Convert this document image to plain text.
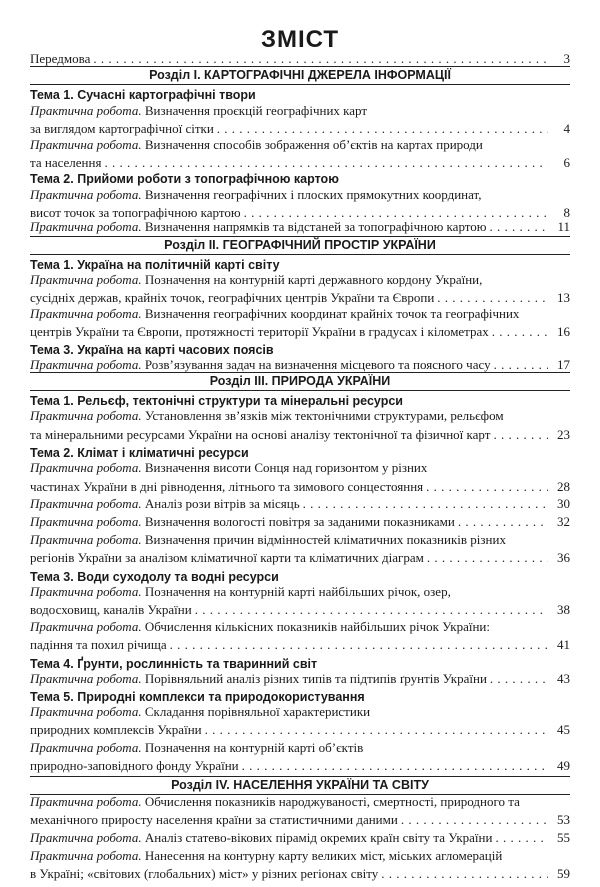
ЗМІСТ
Передмова . . .	3
Розділ І. КАРТОГРАФІЧНІ ДЖЕРЕЛА ІНФОРМАЦІЇ
Тема 1. Сучасні картографічні твори
Практична робота. Визначення проєкцій географічних карт
за виглядом картографічної сітки . . .	4
Практична робота. Визначення способів зображення об’єктів на картах природи
та населення . . .	6
Тема 2. Прийоми роботи з топографічною картою
Практична робота. Визначення географічних і плоских прямокутних координат,
висот точок за топографічною картою . . .	8
Практична робота. Визначення напрямків та відстаней за топографічною картою . . .	11
Розділ ІІ. ГЕОГРАФІЧНИЙ ПРОСТІР УКРАЇНИ
Тема 1. Україна на політичній карті світу
Практична робота. Позначення на контурній карті державного кордону України,
сусідніх держав, крайніх точок, географічних центрів України та Європи . . .	13
Практична робота. Визначення географічних координат крайніх точок та географічних
центрів України та Європи, протяжності території України в градусах і кілометрах . . .	16
Тема 3. Україна на карті часових поясів
Практична робота. Розв’язування задач на визначення місцевого та поясного часу . . .	17
Розділ ІІІ. ПРИРОДА УКРАЇНИ
Тема 1. Рельєф, тектонічні структури та мінеральні ресурси
Практична робота. Установлення зв’язків між тектонічними структурами, рельєфом
та мінеральними ресурсами України на основі аналізу тектонічної та фізичної карт . . .	23
Тема 2. Клімат і кліматичні ресурси
Практична робота. Визначення висоти Сонця над горизонтом у різних
частинах України в дні рівнодення, літнього та зимового сонцестояння . . .	28
Практична робота. Аналіз рози вітрів за місяць . . .	30
Практична робота. Визначення вологості повітря за заданими показниками . . .	32
Практична робота. Визначення причин відмінностей кліматичних показників різних
регіонів України за аналізом кліматичної карти та кліматичних діаграм . . .	36
Тема 3. Води суходолу та водні ресурси
Практична робота. Позначення на контурній карті найбільших річок, озер,
водосховищ, каналів України . . .	38
Практична робота. Обчислення кількісних показників найбільших річок України:
падіння та похил річища . . .	41
Тема 4. Ґрунти, рослинність та тваринний світ
Практична робота. Порівняльний аналіз різних типів та підтипів ґрунтів України . . .	43
Тема 5. Природні комплекси та природокористування
Практична робота. Складання порівняльної характеристики
природних комплексів України . . .	45
Практична робота. Позначення на контурній карті об’єктів
природно-заповідного фонду України . . .	49
Розділ IV. НАСЕЛЕННЯ УКРАЇНИ ТА СВІТУ
Практична робота. Обчислення показників народжуваності, смертності, природного та
механічного приросту населення країни за статистичними даними . . .	53
Практична робота. Аналіз статево-вікових пірамід окремих країн світу та України . . .	55
Практична робота. Нанесення на контурну карту великих міст, міських агломерацій
в Україні; «світових (глобальних) міст» у різних регіонах світу . . .	59
